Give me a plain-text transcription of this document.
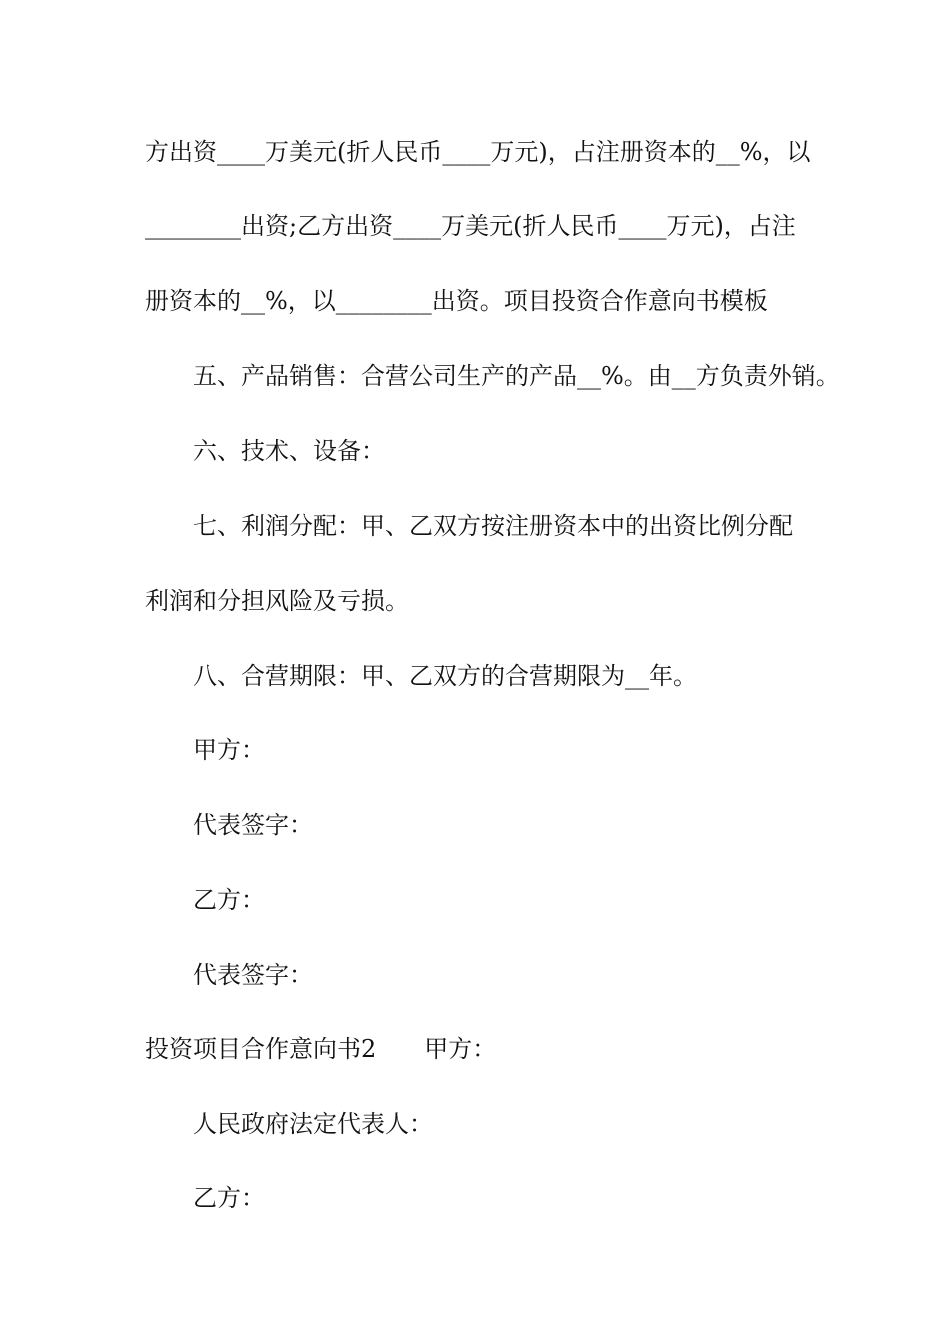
方出资____万美元(折人民币____万元)，占注册资本的__%，以
________出资;乙方出资____万美元(折人民币____万元)，占注
册资本的__%，以________出资。项目投资合作意向书模板
五、产品销售：合营公司生产的产品__%。由__方负责外销。
六、技术、设备：
七、利润分配：甲、乙双方按注册资本中的出资比例分配
利润和分担风险及亏损。
八、合营期限：甲、乙双方的合营期限为__年。
甲方：
代表签字：
乙方：
代表签字：
投资项目合作意向书2　　甲方：
人民政府法定代表人：
乙方：
